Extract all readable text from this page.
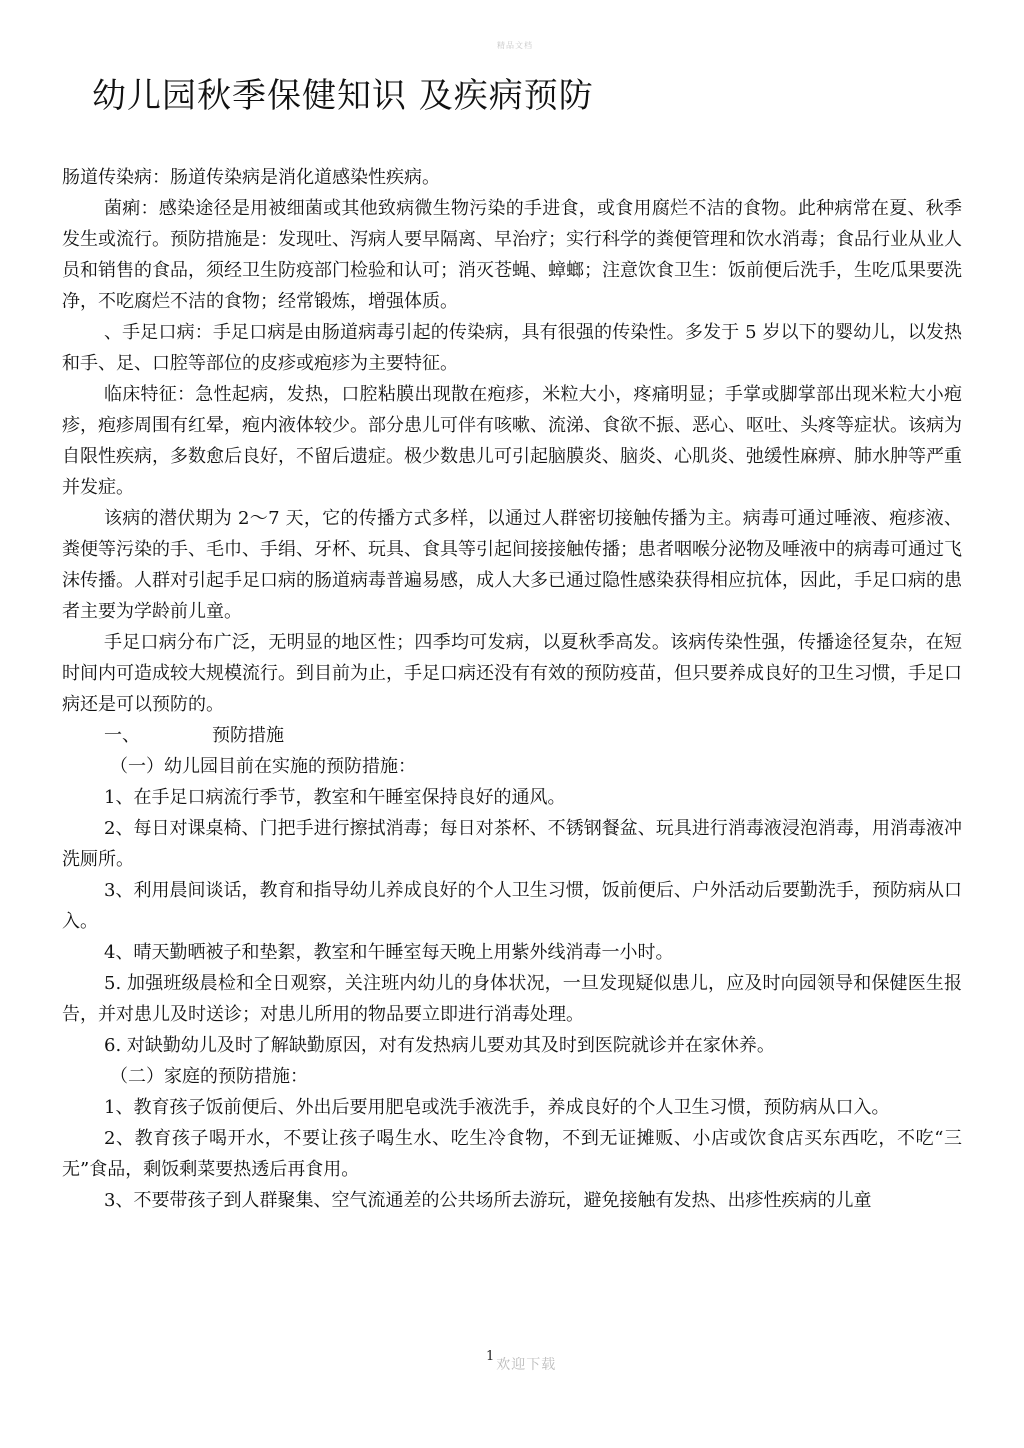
精品文档
幼儿园秋季保健知识 及疾病预防

肠道传染病：肠道传染病是消化道感染性疾病。

菌痢：感染途径是用被细菌或其他致病微生物污染的手进食，或食用腐烂不洁的食物。此种病常在夏、秋季发生或流行。预防措施是：发现吐、泻病人要早隔离、早治疗；实行科学的粪便管理和饮水消毒；食品行业从业人员和销售的食品，须经卫生防疫部门检验和认可；消灭苍蝇、蟑螂；注意饮食卫生：饭前便后洗手，生吃瓜果要洗净，不吃腐烂不洁的食物；经常锻炼，增强体质。

、手足口病：手足口病是由肠道病毒引起的传染病，具有很强的传染性。多发于 5 岁以下的婴幼儿，以发热和手、足、口腔等部位的皮疹或疱疹为主要特征。

临床特征：急性起病，发热，口腔粘膜出现散在疱疹，米粒大小，疼痛明显；手掌或脚掌部出现米粒大小疱疹，疱疹周围有红晕，疱内液体较少。部分患儿可伴有咳嗽、流涕、食欲不振、恶心、呕吐、头疼等症状。该病为自限性疾病，多数愈后良好，不留后遗症。极少数患儿可引起脑膜炎、脑炎、心肌炎、弛缓性麻痹、肺水肿等严重并发症。

该病的潜伏期为 2～7 天，它的传播方式多样，以通过人群密切接触传播为主。病毒可通过唾液、疱疹液、粪便等污染的手、毛巾、手绢、牙杯、玩具、食具等引起间接接触传播；患者咽喉分泌物及唾液中的病毒可通过飞沫传播。人群对引起手足口病的肠道病毒普遍易感，成人大多已通过隐性感染获得相应抗体，因此，手足口病的患者主要为学龄前儿童。

手足口病分布广泛，无明显的地区性；四季均可发病，以夏秋季高发。该病传染性强，传播途径复杂，在短时间内可造成较大规模流行。到目前为止，手足口病还没有有效的预防疫苗，但只要养成良好的卫生习惯，手足口病还是可以预防的。

一、	预防措施

（一）幼儿园目前在实施的预防措施：

1、在手足口病流行季节，教室和午睡室保持良好的通风。

2、每日对课桌椅、门把手进行擦拭消毒；每日对茶杯、不锈钢餐盆、玩具进行消毒液浸泡消毒，用消毒液冲洗厕所。

3、利用晨间谈话，教育和指导幼儿养成良好的个人卫生习惯，饭前便后、户外活动后要勤洗手，预防病从口入。

4、晴天勤晒被子和垫絮，教室和午睡室每天晚上用紫外线消毒一小时。

5. 加强班级晨检和全日观察，关注班内幼儿的身体状况，一旦发现疑似患儿，应及时向园领导和保健医生报告，并对患儿及时送诊；对患儿所用的物品要立即进行消毒处理。

6. 对缺勤幼儿及时了解缺勤原因，对有发热病儿要劝其及时到医院就诊并在家休养。

（二）家庭的预防措施：

1、教育孩子饭前便后、外出后要用肥皂或洗手液洗手，养成良好的个人卫生习惯，预防病从口入。

2、教育孩子喝开水，不要让孩子喝生水、吃生冷食物，不到无证摊贩、小店或饮食店买东西吃，不吃“三无”食品，剩饭剩菜要热透后再食用。

3、不要带孩子到人群聚集、空气流通差的公共场所去游玩，避免接触有发热、出疹性疾病的儿童

$^1$欢迎下载
